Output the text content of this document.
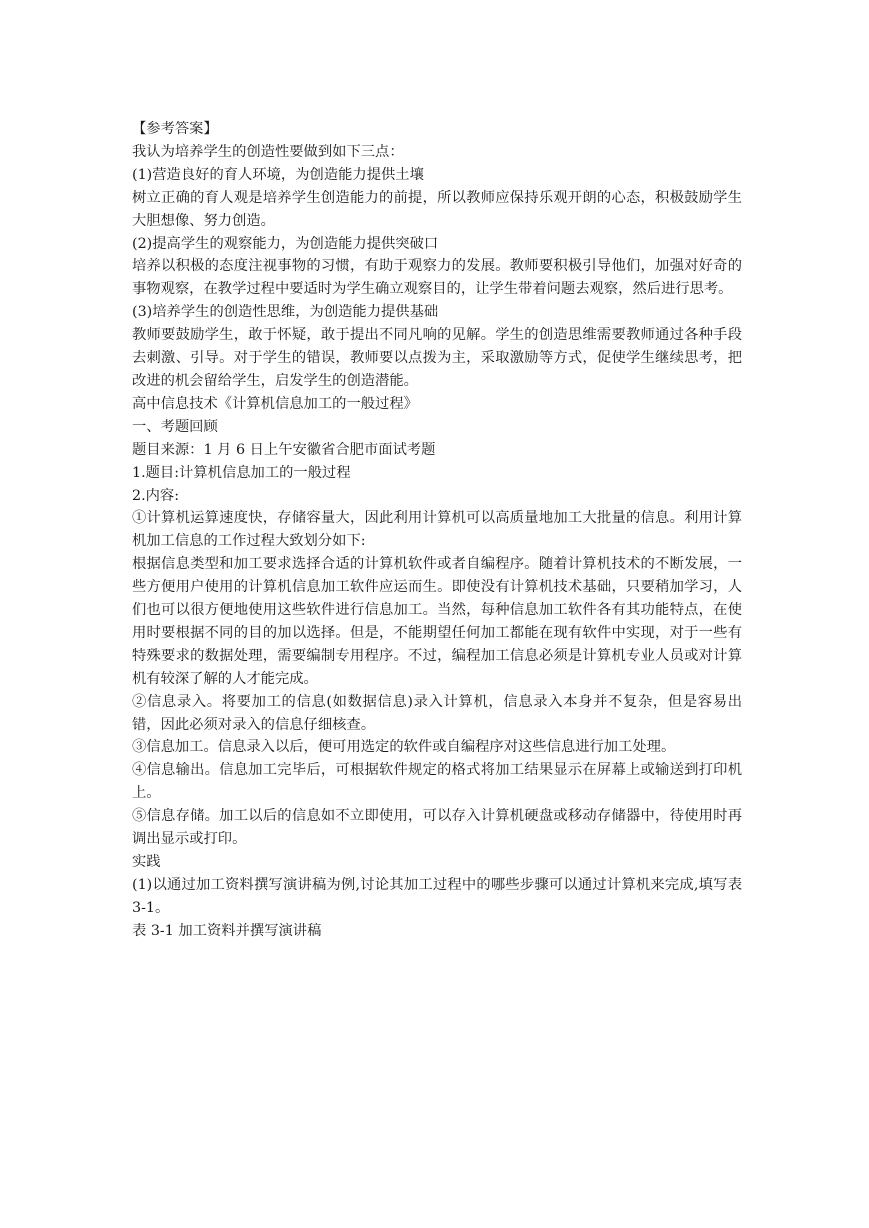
【参考答案】

我认为培养学生的创造性要做到如下三点：

(1)营造良好的育人环境，为创造能力提供土壤

树立正确的育人观是培养学生创造能力的前提，所以教师应保持乐观开朗的心态，积极鼓励学生大胆想像、努力创造。

(2)提高学生的观察能力，为创造能力提供突破口

培养以积极的态度注视事物的习惯，有助于观察力的发展。教师要积极引导他们，加强对好奇的事物观察，在教学过程中要适时为学生确立观察目的，让学生带着问题去观察，然后进行思考。

(3)培养学生的创造性思维，为创造能力提供基础

教师要鼓励学生，敢于怀疑，敢于提出不同凡响的见解。学生的创造思维需要教师通过各种手段去刺激、引导。对于学生的错误，教师要以点拨为主，采取激励等方式，促使学生继续思考，把改进的机会留给学生，启发学生的创造潜能。

高中信息技术《计算机信息加工的一般过程》

一、考题回顾

题目来源：1 月 6 日上午安徽省合肥市面试考题

1.题目:计算机信息加工的一般过程

2.内容:

①计算机运算速度快，存储容量大，因此利用计算机可以高质量地加工大批量的信息。利用计算机加工信息的工作过程大致划分如下:

根据信息类型和加工要求选择合适的计算机软件或者自编程序。随着计算机技术的不断发展，一些方便用户使用的计算机信息加工软件应运而生。即使没有计算机技术基础，只要稍加学习，人们也可以很方便地使用这些软件进行信息加工。当然，每种信息加工软件各有其功能特点，在使用时要根据不同的目的加以选择。但是，不能期望任何加工都能在现有软件中实现，对于一些有特殊要求的数据处理，需要编制专用程序。不过，编程加工信息必须是计算机专业人员或对计算机有较深了解的人才能完成。

②信息录入。将要加工的信息(如数据信息)录入计算机，信息录入本身并不复杂，但是容易出错，因此必须对录入的信息仔细核查。

③信息加工。信息录入以后，便可用选定的软件或自编程序对这些信息进行加工处理。

④信息输出。信息加工完毕后，可根据软件规定的格式将加工结果显示在屏幕上或输送到打印机上。

⑤信息存储。加工以后的信息如不立即使用，可以存入计算机硬盘或移动存储器中，待使用时再调出显示或打印。

实践

(1)以通过加工资料撰写演讲稿为例,讨论其加工过程中的哪些步骤可以通过计算机来完成,填写表 3-1。

表 3-1 加工资料并撰写演讲稿
